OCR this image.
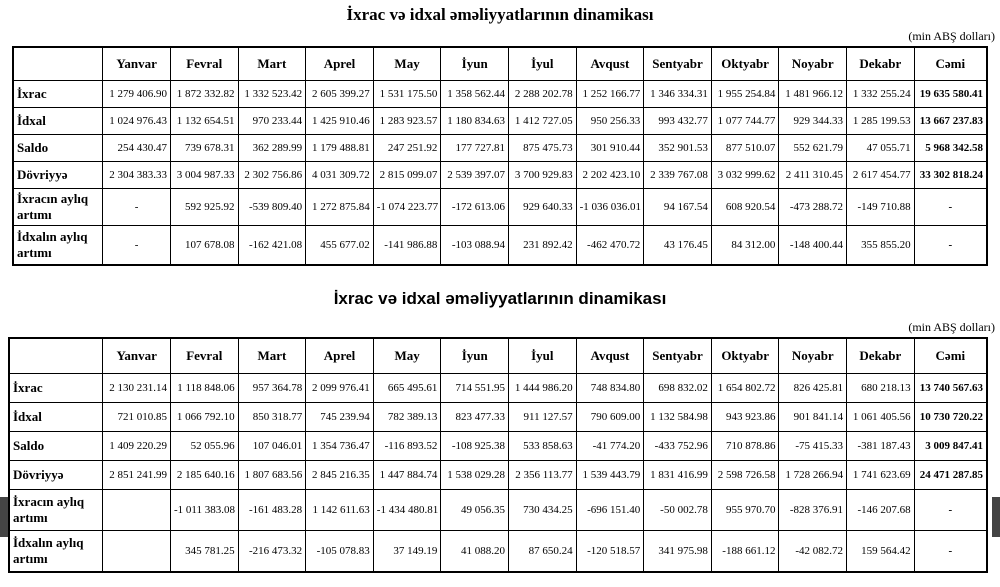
İxrac və idxal əməliyyatlarının dinamikası
(min ABŞ dolları)
	Yanvar	Fevral	Mart	Aprel	May	İyun	İyul	Avqust	Sentyabr	Oktyabr	Noyabr	Dekabr	Cəmi
İxrac	1 279 406.90	1 872 332.82	1 332 523.42	2 605 399.27	1 531 175.50	1 358 562.44	2 288 202.78	1 252 166.77	1 346 334.31	1 955 254.84	1 481 966.12	1 332 255.24	19 635 580.41
İdxal	1 024 976.43	1 132 654.51	970 233.44	1 425 910.46	1 283 923.57	1 180 834.63	1 412 727.05	950 256.33	993 432.77	1 077 744.77	929 344.33	1 285 199.53	13 667 237.83
Saldo	254 430.47	739 678.31	362 289.99	1 179 488.81	247 251.92	177 727.81	875 475.73	301 910.44	352 901.53	877 510.07	552 621.79	47 055.71	5 968 342.58
Dövriyyə	2 304 383.33	3 004 987.33	2 302 756.86	4 031 309.72	2 815 099.07	2 539 397.07	3 700 929.83	2 202 423.10	2 339 767.08	3 032 999.62	2 411 310.45	2 617 454.77	33 302 818.24
İxracın aylıq artımı	-	592 925.92	-539 809.40	1 272 875.84	-1 074 223.77	-172 613.06	929 640.33	-1 036 036.01	94 167.54	608 920.54	-473 288.72	-149 710.88	-
İdxalın aylıq artımı	-	107 678.08	-162 421.08	455 677.02	-141 986.88	-103 088.94	231 892.42	-462 470.72	43 176.45	84 312.00	-148 400.44	355 855.20	-
İxrac və idxal əməliyyatlarının dinamikası
(min ABŞ dolları)
	Yanvar	Fevral	Mart	Aprel	May	İyun	İyul	Avqust	Sentyabr	Oktyabr	Noyabr	Dekabr	Cəmi
İxrac	2 130 231.14	1 118 848.06	957 364.78	2 099 976.41	665 495.61	714 551.95	1 444 986.20	748 834.80	698 832.02	1 654 802.72	826 425.81	680 218.13	13 740 567.63
İdxal	721 010.85	1 066 792.10	850 318.77	745 239.94	782 389.13	823 477.33	911 127.57	790 609.00	1 132 584.98	943 923.86	901 841.14	1 061 405.56	10 730 720.22
Saldo	1 409 220.29	52 055.96	107 046.01	1 354 736.47	-116 893.52	-108 925.38	533 858.63	-41 774.20	-433 752.96	710 878.86	-75 415.33	-381 187.43	3 009 847.41
Dövriyyə	2 851 241.99	2 185 640.16	1 807 683.56	2 845 216.35	1 447 884.74	1 538 029.28	2 356 113.77	1 539 443.79	1 831 416.99	2 598 726.58	1 728 266.94	1 741 623.69	24 471 287.85
İxracın aylıq artımı		-1 011 383.08	-161 483.28	1 142 611.63	-1 434 480.81	49 056.35	730 434.25	-696 151.40	-50 002.78	955 970.70	-828 376.91	-146 207.68	-
İdxalın aylıq artımı		345 781.25	-216 473.32	-105 078.83	37 149.19	41 088.20	87 650.24	-120 518.57	341 975.98	-188 661.12	-42 082.72	159 564.42	-
